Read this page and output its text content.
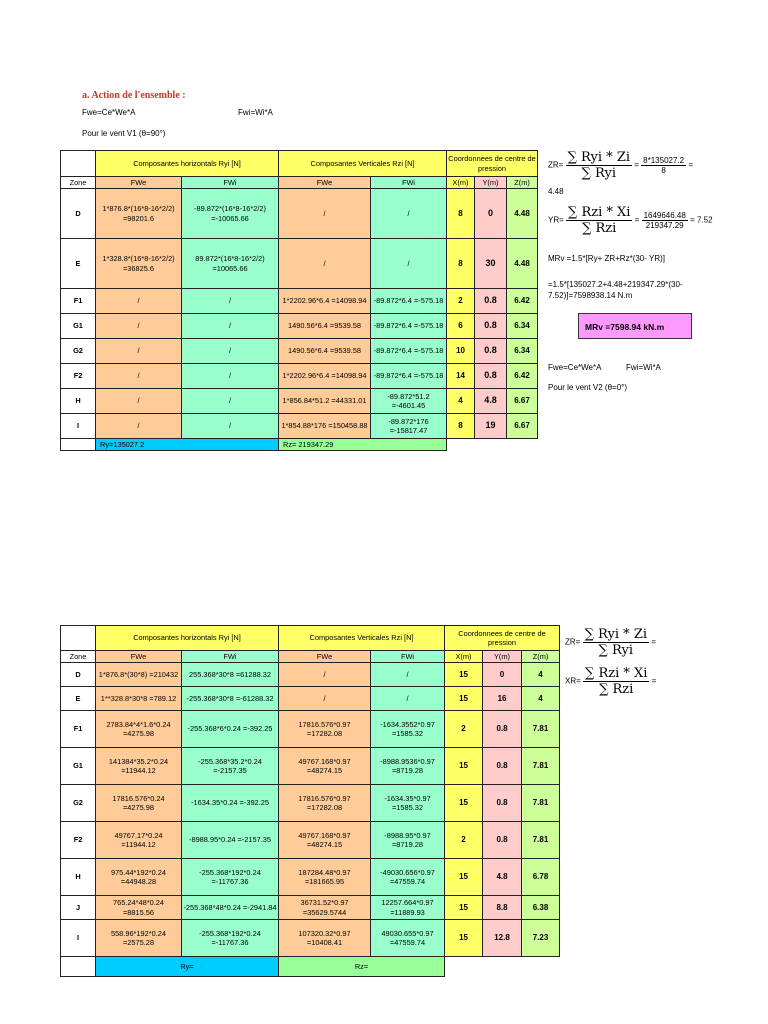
a. Action de l'ensemble :
Fwe=Ce*We*A	Fwi=Wi*A
Pour le vent V1 (θ=90°)
	Composantes horizontals Ryi [N]		Composantes Verticales Rzi [N]		Coordonnees de centre de pression		
Zone	FWe	FWi	FWe	FWi	X(m)	Y(m)	Z(m)
D	1*876.8*(16*8-16*2/2) =98201.6	-89.872*(16*8-16*2/2) =-10065.66	/	/	8	0	4.48
E	1*328.8*(16*8-16*2/2) =36825.6	89.872*(16*8-16*2/2) =10065.66	/	/	8	30	4.48
F1	/	/	1*2202.96*6.4 =14098.94	-89.872*6.4 =-575.18	2	0.8	6.42
G1	/	/	1490.56*6.4 =9539.58	-89.872*6.4 =-575.18	6	0.8	6.34
G2	/	/	1490.56*6.4 =9539.58	-89.872*6.4 =-575.18	10	0.8	6.34
F2	/	/	1*2202.96*6.4 =14098.94	-89.872*6.4 =-575.18	14	0.8	6.42
H	/	/	1*856.84*51.2 =44331.01	-89.872*51.2 =-4601.45	4	4.8	6.67
I	/	/	1*854.88*176 =150458.88	-89.872*176 =-15817.47	8	19	6.67
	Ry=135027.2		Rz= 219347.29				
$ZR= \frac{\text{∑ Ryi * Zi}}{\text{∑ Ryi}} = \frac{8*135027.2}{8}$ =
4.48
$YR= \frac{\text{∑ Rzi * Xi}}{\text{∑ Rzi}} = \frac{1649646.48}{219347.29} = 7.52$
MRv =1.5*[Ry+ ZR+Rz*(30- YR)]
=1.5*[135027.2+4.48+219347.29*(30-7.52)]=7598938.14 N.m
MRv =7598.94 kN.m
Fwe=Ce*We*A	Fwi=Wi*A
Pour le vent V2 (θ=0°)
	Composantes horizontals Ryi [N]		Composantes Verticales Rzi [N]		Coordonnees de centre de pression		
Zone	FWe	FWi	FWe	FWi	X(m)	Y(m)	Z(m)
D	1*876.8*(30*8) =210432	255.368*30*8 =61288.32	/	/	15	0	4
E	1**328.8*30*8 =789.12	-255.368*30*8 =-61288.32	/	/	15	16	4
F1	2783.84*4*1.6*0.24 =4275.98	-255.368*6*0.24 =-392.25	17816.576*0.97 =17282.08	-1634.3552*0.97 =1585.32	2	0.8	7.81
G1	141384*35.2*0.24 =11944.12	-255.368*35.2*0.24 =-2157.35	49767.168*0.97 =48274.15	-8988.9536*0.97 =8719.28	15	0.8	7.81
G2	17816.576*0.24 =4275.98	-1634.35*0.24 =-392.25	17816.576*0.97 =17282.08	-1634.35*0.97 =1585.32	15	0.8	7.81
F2	49767.17*0.24 =11944.12	-8988.95*0.24 =-2157.35	49767.168*0.97 =48274.15	-8988.95*0.97 =8719.28	2	0.8	7.81
H	975.44*192*0.24 =44948.28	-255.368*192*0.24 =-11767.36	187284.48*0.97 =181665.95	-49030.656*0.97 =47559.74	15	4.8	6.78
J	765.24*48*0.24 =8815.56	-255.368*48*0.24 =-2941.84	36731.52*0.97 =35629.5744	12257.664*0.97 =11889.93	15	8.8	6.38
I	558.96*192*0.24 =2575.28	-255.368*192*0.24 =-11767.36	107320.32*0.97 =10408.41	49030.655*0.97 =47559.74	15	12.8	7.23
	Ry=		Rz=				
$ZR= \frac{\text{∑ Ryi * Zi}}{\text{∑ Ryi}}$ =
$XR= \frac{\text{∑ Rzi * Xi}}{\text{∑ Rzi}}$ =
